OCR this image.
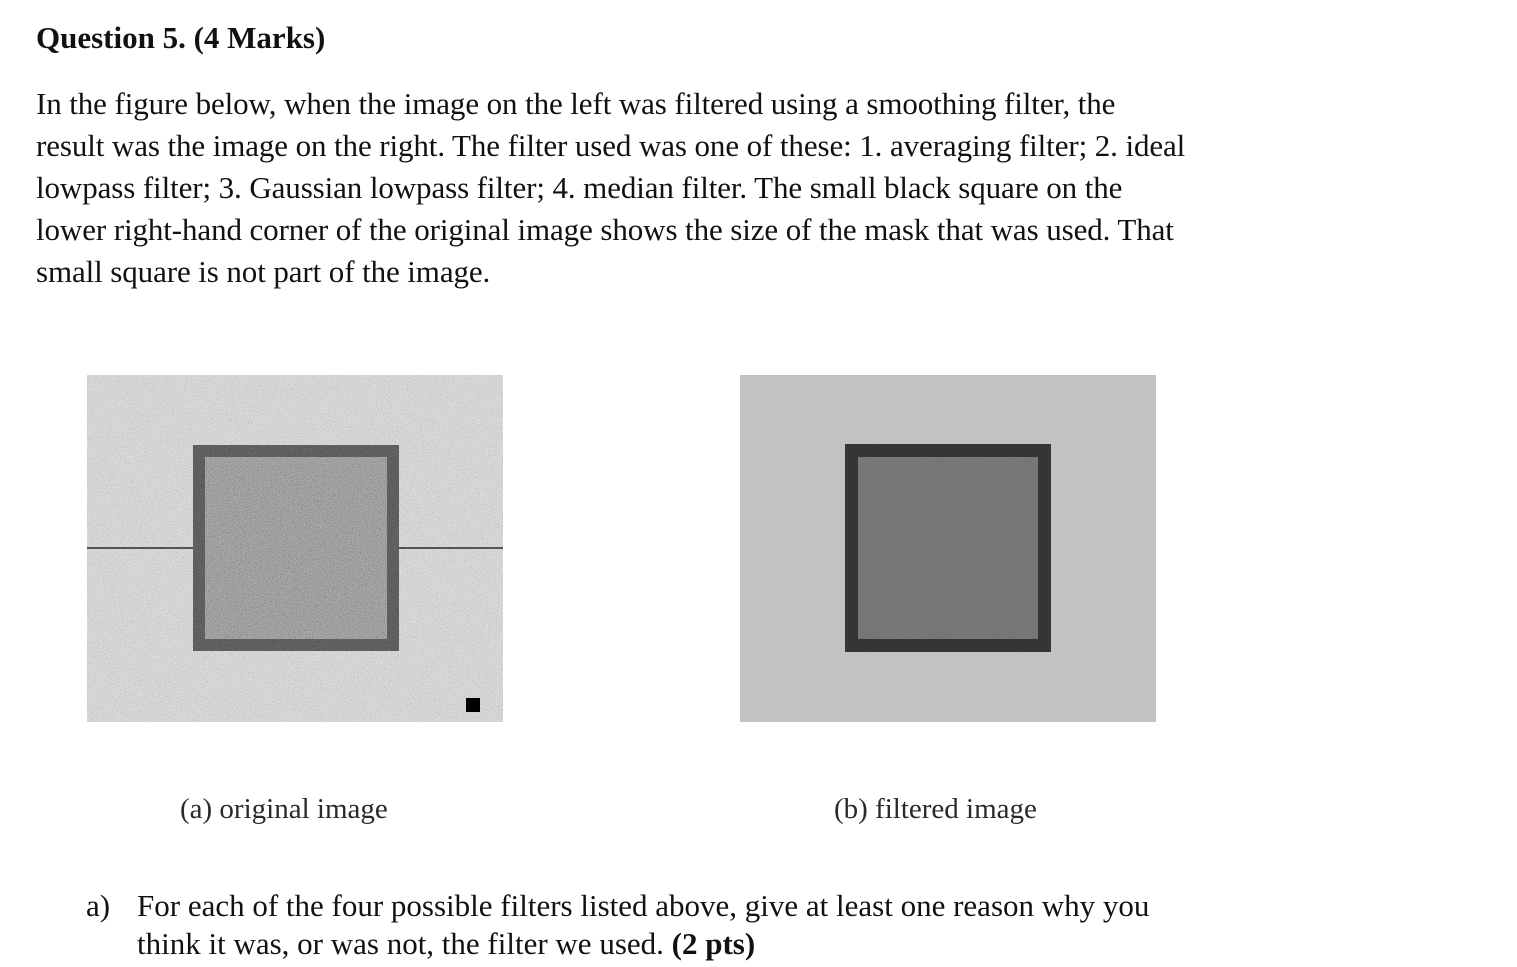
Question 5. (4 Marks)
In the figure below, when the image on the left was filtered using a smoothing filter, the
result was the image on the right. The filter used was one of these: 1. averaging filter; 2. ideal
lowpass filter; 3. Gaussian lowpass filter; 4. median filter. The small black square on the
lower right-hand corner of the original image shows the size of the mask that was used. That
small square is not part of the image.
(a) original image	(b) filtered image
a) For each of the four possible filters listed above, give at least one reason why you
think it was, or was not, the filter we used. (2 pts)
